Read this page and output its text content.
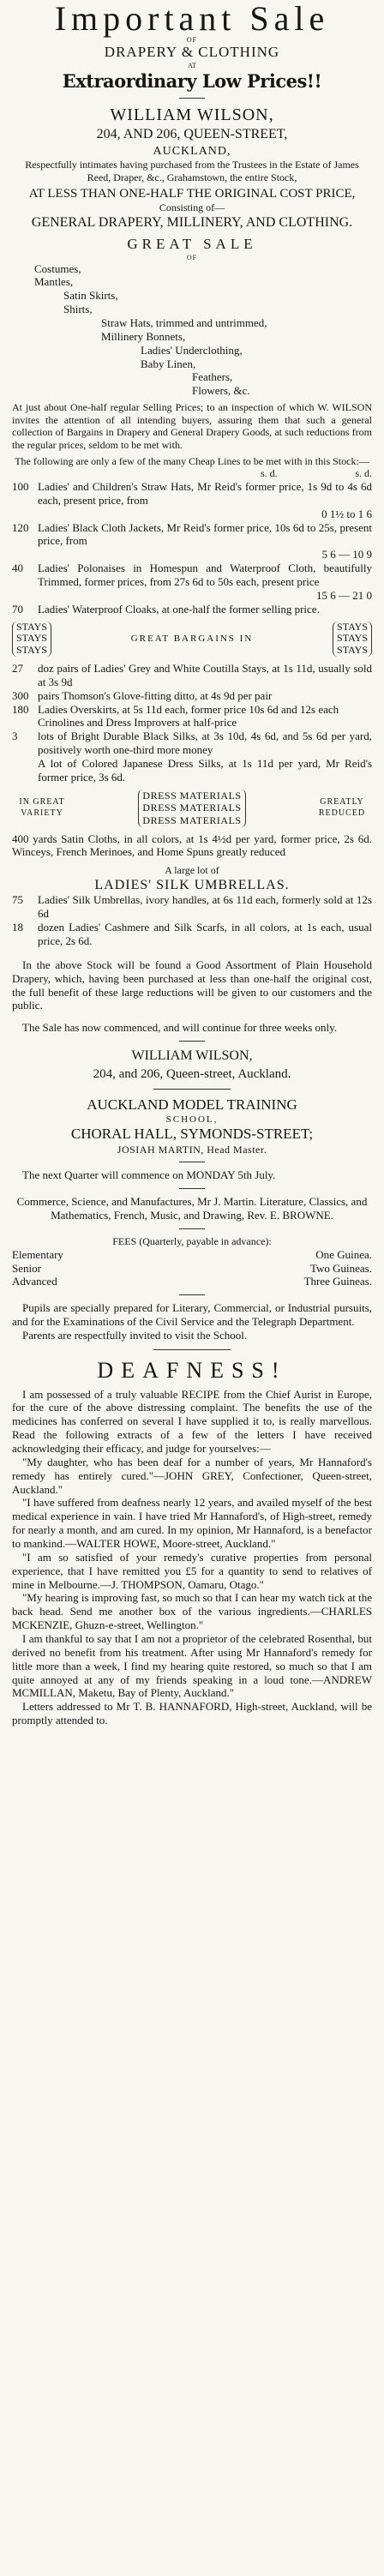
Important Sale
OF
DRAPERY & CLOTHING
AT
Extraordinary Low Prices!!
WILLIAM WILSON,
204, AND 206, QUEEN-STREET,
AUCKLAND,

Respectfully intimates having purchased from the Trustees in the Estate of James Reed, Draper, &c., Grahamstown, the entire Stock,

AT LESS THAN ONE-HALF THE ORIGINAL COST PRICE,
Consisting of—
GENERAL DRAPERY, MILLINERY, AND CLOTHING.
GREAT SALE
OF
Costumes,
Mantles,
Satin Skirts,
Shirts,
Straw Hats, trimmed and untrimmed,
Millinery Bonnets,
Ladies' Underclothing,
Baby Linen,
Feathers,
Flowers, &c.

At just about One-half regular Selling Prices; to an inspection of which W. WILSON invites the attention of all intending buyers, assuring them that such a general collection of Bargains in Drapery and General Drapery Goods, at such reductions from the regular prices, seldom to be met with.

The following are only a few of the many Cheap Lines to be met with in this Stock:—

s. d.	s. d.
100 Ladies' and Children's Straw Hats, Mr Reid's former price, 1s 9d to 4s 6d each, present price, from
0 1½ to 1 6
120 Ladies' Black Cloth Jackets, Mr Reid's former price, 10s 6d to 25s, present price, from
5 6 — 10 9
40	Ladies' Polonaises in Homespun and Waterproof Cloth, beautifully Trimmed, former prices, from 27s 6d to 50s each, present price
15 6 — 21 0
70	Ladies' Waterproof Cloaks, at one-half the former selling price.
STAYS
STAYS
STAYS
GREAT BARGAINS IN
STAYS
STAYS
STAYS
27	doz pairs of Ladies' Grey and White Coutilla Stays, at 1s 11d, usually sold at 3s 9d
300 pairs Thomson's Glove-fitting ditto, at 4s 9d per pair
180 Ladies Overskirts, at 5s 11d each, former price 10s 6d and 12s each
Crinolines and Dress Improvers at half-price
3	lots of Bright Durable Black Silks, at 3s 10d, 4s 6d, and 5s 6d per yard, positively worth one-third more money
A lot of Colored Japanese Dress Silks, at 1s 11d per yard, Mr Reid's former price, 3s 6d.
IN GREAT VARIETY
DRESS MATERIALS
DRESS MATERIALS
DRESS MATERIALS
GREATLY REDUCED

400 yards Satin Cloths, in all colors, at 1s 4½d per yard, former price, 2s 6d. Winceys, French Merinoes, and Home Spuns greatly reduced

A large lot of
LADIES' SILK UMBRELLAS.
75	Ladies' Silk Umbrellas, ivory handles, at 6s 11d each, formerly sold at 12s 6d
18	dozen Ladies' Cashmere and Silk Scarfs, in all colors, at 1s each, usual price, 2s 6d.

In the above Stock will be found a Good Assortment of Plain Household Drapery, which, having been purchased at less than one-half the original cost, the full benefit of these large reductions will be given to our customers and the public.

The Sale has now commenced, and will continue for three weeks only.

WILLIAM WILSON,
204, and 206, Queen-street, Auckland.
AUCKLAND MODEL TRAINING
SCHOOL,
CHORAL HALL, SYMONDS-STREET;
JOSIAH MARTIN, Head Master.

The next Quarter will commence on MONDAY 5th July.

Commerce, Science, and Manufactures, Mr J. Martin. Literature, Classics, and Mathematics, French, Music, and Drawing, Rev. E. BROWNE.

FEES (Quarterly, payable in advance):
Elementary	One Guinea.
Senior	Two Guineas.
Advanced	Three Guineas.

Pupils are specially prepared for Literary, Commercial, or Industrial pursuits, and for the Examinations of the Civil Service and the Telegraph Department.

Parents are respectfully invited to visit the School.

DEAFNESS!

I am possessed of a truly valuable RECIPE from the Chief Aurist in Europe, for the cure of the above distressing complaint. The benefits the use of the medicines has conferred on several I have supplied it to, is really marvellous. Read the following extracts of a few of the letters I have received acknowledging their efficacy, and judge for yourselves:—

"My daughter, who has been deaf for a number of years, Mr Hannaford's remedy has entirely cured."—JOHN GREY, Confectioner, Queen-street, Auckland."

"I have suffered from deafness nearly 12 years, and availed myself of the best medical experience in vain. I have tried Mr Hannaford's, of High-street, remedy for nearly a month, and am cured. In my opinion, Mr Hannaford, is a benefactor to mankind.—WALTER HOWE, Moore-street, Auckland."

"I am so satisfied of your remedy's curative properties from personal experience, that I have remitted you £5 for a quantity to send to relatives of mine in Melbourne.—J. THOMPSON, Oamaru, Otago."

"My hearing is improving fast, so much so that I can hear my watch tick at the back head. Send me another box of the various ingredients.—CHARLES MCKENZIE, Ghuzn-e-street, Wellington."

I am thankful to say that I am not a proprietor of the celebrated Rosenthal, but derived no benefit from his treatment. After using Mr Hannaford's remedy for little more than a week, I find my hearing quite restored, so much so that I am quite annoyed at any of my friends speaking in a loud tone.—ANDREW MCMILLAN, Maketu, Bay of Plenty, Auckland."

Letters addressed to Mr T. B. HANNAFORD, High-street, Auckland, will be promptly attended to.
